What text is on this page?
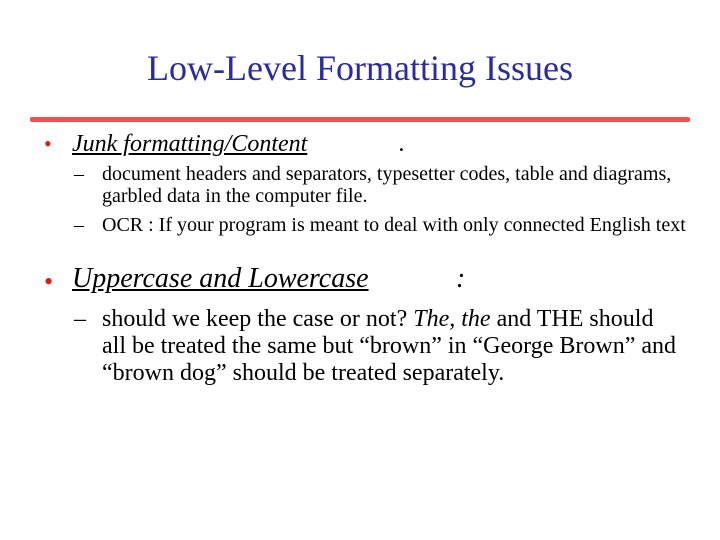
Low-Level Formatting Issues
• Junk formatting/Content	.
– document headers and separators, typesetter codes, table and diagrams, garbled data in the computer file.
– OCR : If your program is meant to deal with only connected English text
• Uppercase and Lowercase	:
– should we keep the case or not? The, the and THE should all be treated the same but “brown” in “George Brown” and “brown dog” should be treated separately.
